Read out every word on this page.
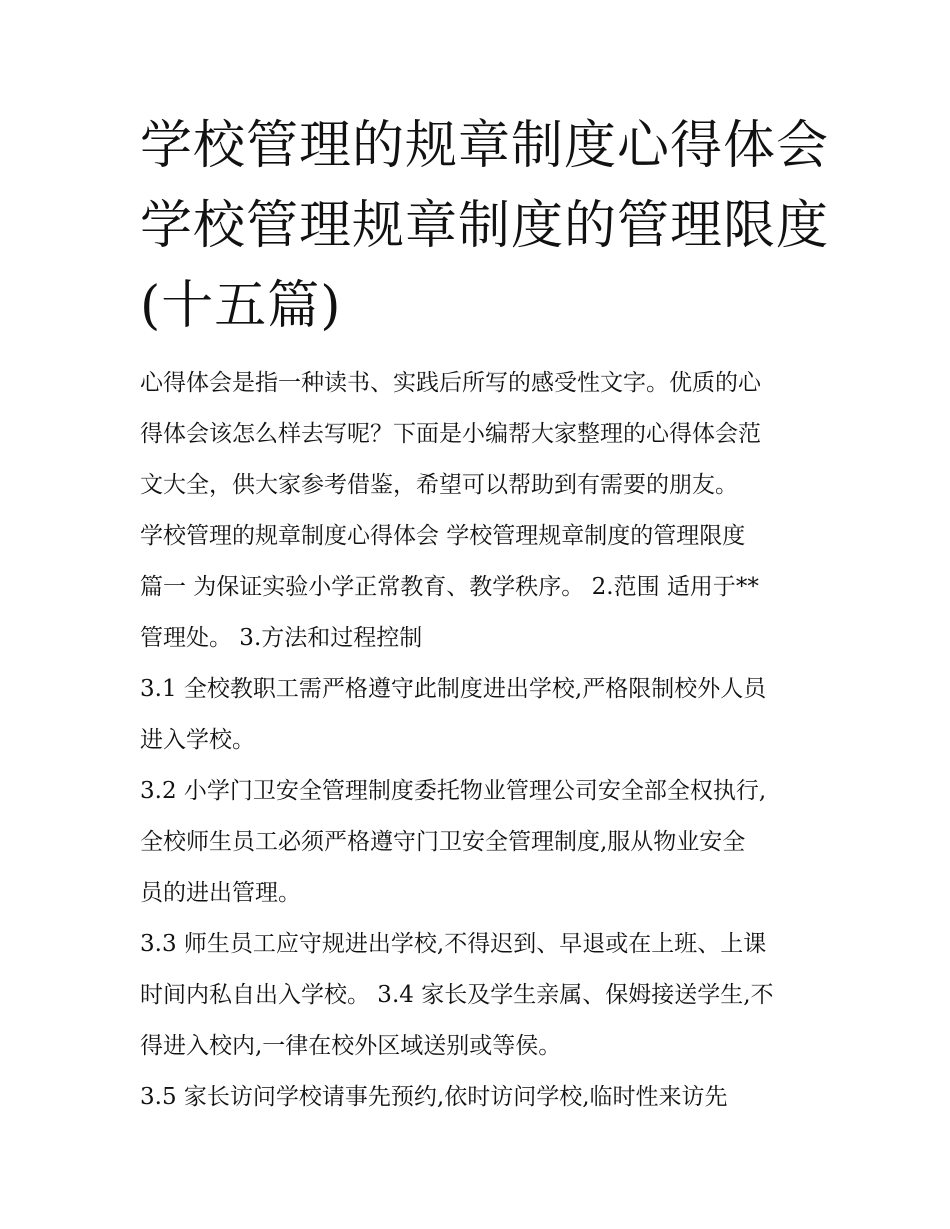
学校管理的规章制度心得体会
学校管理规章制度的管理限度
(十五篇)

心得体会是指一种读书、实践后所写的感受性文字。优质的心
得体会该怎么样去写呢？下面是小编帮大家整理的心得体会范
文大全，供大家参考借鉴，希望可以帮助到有需要的朋友。

学校管理的规章制度心得体会 学校管理规章制度的管理限度
篇一 为保证实验小学正常教育、教学秩序。 2.范围 适用于**
管理处。 3.方法和过程控制

3.1 全校教职工需严格遵守此制度进出学校,严格限制校外人员
进入学校。

3.2 小学门卫安全管理制度委托物业管理公司安全部全权执行,
全校师生员工必须严格遵守门卫安全管理制度,服从物业安全
员的进出管理。

3.3 师生员工应守规进出学校,不得迟到、早退或在上班、上课
时间内私自出入学校。 3.4 家长及学生亲属、保姆接送学生,不
得进入校内,一律在校外区域送别或等侯。

3.5 家长访问学校请事先预约,依时访问学校,临时性来访先
